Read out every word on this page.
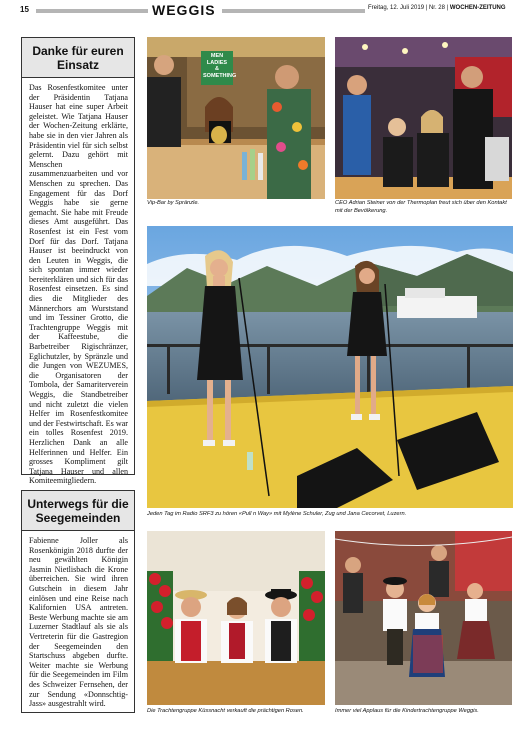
15	WEGGIS	Freitag, 12. Juli 2019 | Nr. 28 | WOCHEN-ZEITUNG
Danke für euren Einsatz
Das Rosenfestkomitee unter der Präsidentin Tatjana Hauser hat eine super Arbeit geleistet. Wie Tatjana Hauser der Wochen-Zeitung erklärte, habe sie in den vier Jahren als Präsidentin viel für sich selbst gelernt. Dazu gehört mit Menschen zusammenzuarbeiten und vor Menschen zu sprechen. Das Engagement für das Dorf Weggis habe sie gerne gemacht. Sie habe mit Freude dieses Amt ausgeführt. Das Rosenfest ist ein Fest vom Dorf für das Dorf. Tatjana Hauser ist beeindruckt von den Leuten in Weggis, die sich spontan immer wieder bereiterklären und sich für das Rosenfest einsetzen. Es sind dies die Mitglieder des Männerchors am Wurststand und im Tessiner Grotto, die Trachtengruppe Weggis mit der Kaffeestube, die Barbetreiber Rigischränzer, Eglichutzler, by Spränzle und die Jungen von WEZUMES, die Organisatoren der Tombola, der Samariterverein Weggis, die Standbetreiber und nicht zuletzt die vielen Helfer im Rosenfestkomitee und der Festwirtschaft. Es war ein tolles Rosenfest 2019. Herzlichen Dank an alle Helferinnen und Helfer. Ein grosses Kompliment gilt Tatjana Hauser und allen Komiteemitgliedern.
Unterwegs für die Seegemeinden
Fabienne Joller als Rosenkönigin 2018 durfte der neu gewählten Königin Jasmin Nietlisbach die Krone überreichen. Sie wird ihren Gutschein in diesem Jahr einlösen und eine Reise nach Kalifornien USA antreten. Beste Werbung machte sie am Luzerner Stadtlauf als sie als Vertreterin für die Gastregion der Seegemeinden den Startschuss abgeben durfte. Weiter machte sie Werbung für die Seegemeinden im Film des Schweizer Fernsehen, der zur Sendung «Donnschtig-Jass» ausgestrahlt wird.
MEN
LADIES
& SOMETHING
Vip-Bar by Spränzle.	CEO Adrian Steiner von der Thermoplan freut sich über den Kontakt mit der Bevölkerung.
Jeden Tag im Radio SRF3 zu hören «Pull n Way» mit Mylène Schuler, Zug und Jana Cecorvet, Luzern.
Die Trachtengruppe Küssnacht verkauft die prächtigen Rosen.	Immer viel Applaus für die Kindertrachtengruppe Weggis.
